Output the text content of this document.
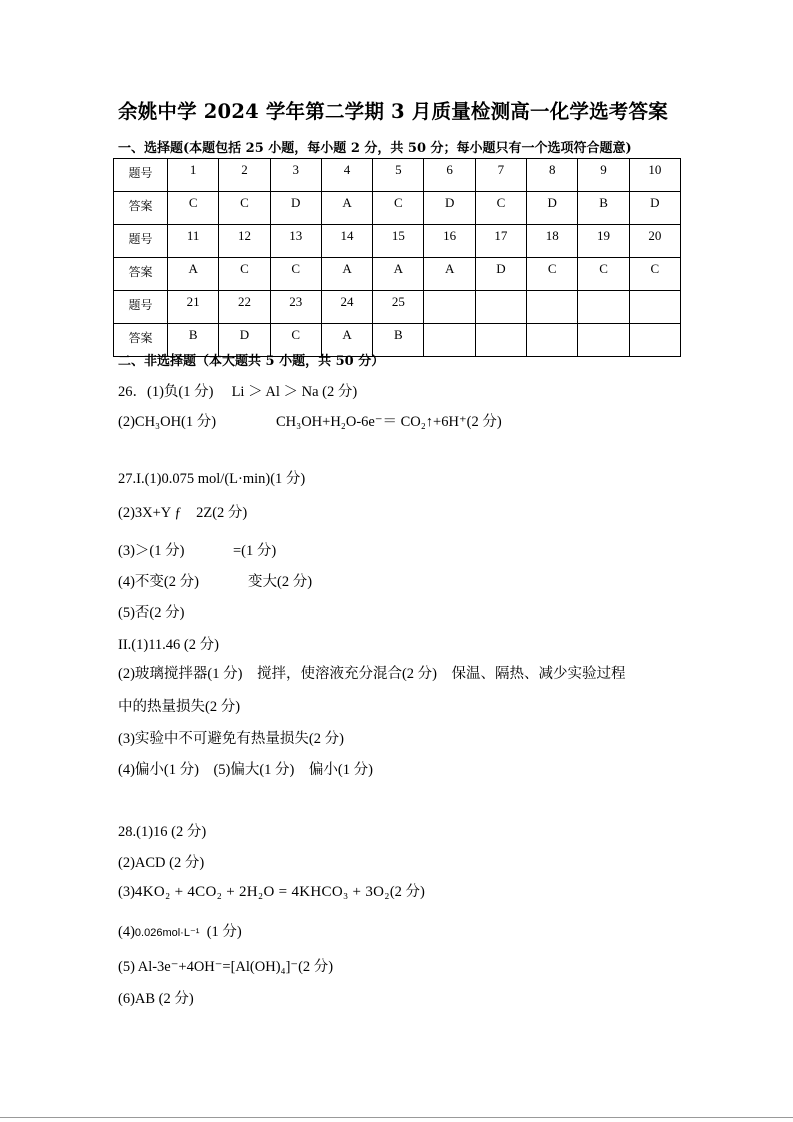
余姚中学 2024 学年第二学期 3 月质量检测高一化学选考答案
一、选择题(本题包括 25 小题，每小题 2 分，共 50 分；每小题只有一个选项符合题意)
题号	1	2	3	4	5	6	7	8	9	10
答案	C	C	D	A	C	D	C	D	B	D
题号	11	12	13	14	15	16	17	18	19	20
答案	A	C	C	A	A	A	D	C	C	C
题号	21	22	23	24	25					
答案	B	D	C	A	B					
二、非选择题（本大题共 5 小题，共 50 分）
26．(1)负(1 分)　 Li ＞ Al ＞ Na (2 分)
(2)CH₃OH(1 分)	CH₃OH+H₂O-6e⁻＝ CO₂↑+6H⁺(2 分)
27.I.(1)0.075 mol/(L·min)(1 分)
(2)3X+Y ƒ　2Z(2 分)
(3)＞(1 分)	=(1 分)
(4)不变(2 分)	变大(2 分)
(5)否(2 分)
II.(1)11.46 (2 分)
(2)玻璃搅拌器(1 分)　搅拌，使溶液充分混合(2 分)　保温、隔热、减少实验过程
中的热量损失(2 分)
(3)实验中不可避免有热量损失(2 分)
(4)偏小(1 分)　(5)偏大(1 分)　偏小(1 分)
28.(1)16 (2 分)
(2)ACD (2 分)
(3)4KO₂ + 4CO₂ + 2H₂O = 4KHCO₃ + 3O₂(2 分)
(4)0.026mol·L⁻¹ (1 分)
(5) Al-3e⁻+4OH⁻=[Al(OH)₄]⁻(2 分)
(6)AB (2 分)
